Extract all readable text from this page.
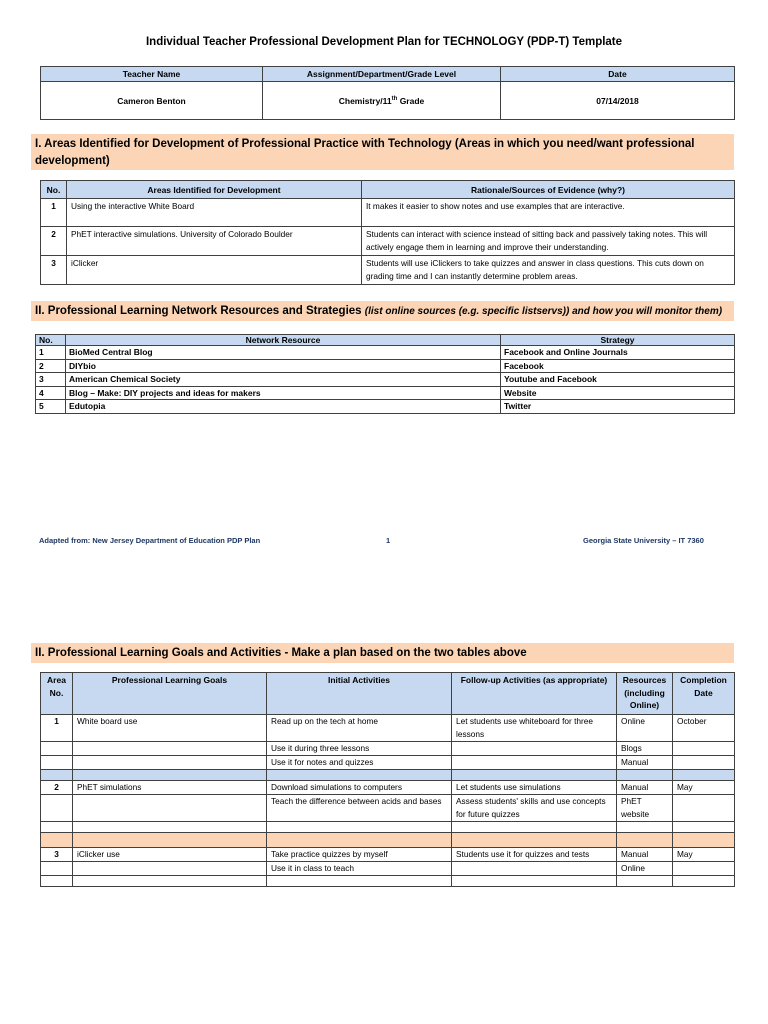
Individual Teacher Professional Development Plan for TECHNOLOGY (PDP-T) Template
Teacher Name	Assignment/Department/Grade Level	Date
Cameron Benton	Chemistry/11th Grade	07/14/2018
I. Areas Identified for Development of Professional Practice with Technology (Areas in which you need/want professional development)
No.	Areas Identified for Development	Rationale/Sources of Evidence (why?)
1	Using the interactive White Board	It makes it easier to show notes and use examples that are interactive.
2	PhET interactive simulations. University of Colorado Boulder	Students can interact with science instead of sitting back and passively taking notes. This will actively engage them in learning and improve their understanding.
3	iClicker	Students will use iClickers to take quizzes and answer in class questions. This cuts down on grading time and I can instantly determine problem areas.
II. Professional Learning Network Resources and Strategies (list online sources (e.g. specific listservs)) and how you will monitor them)
No.	Network Resource	Strategy
1	BioMed Central Blog	Facebook and Online Journals
2	DIYbio	Facebook
3	American Chemical Society	Youtube and Facebook
4	Blog – Make: DIY projects and ideas for makers	Website
5	Edutopia	Twitter
Adapted from: New Jersey Department of Education PDP Plan	1	Georgia State University – IT 7360
II. Professional Learning Goals and Activities - Make a plan based on the two tables above
Area No.	Professional Learning Goals	Initial Activities	Follow-up Activities (as appropriate)	Resources (including Online)	Completion Date
1	White board use	Read up on the tech at home	Let students use whiteboard for three lessons	Online	October
		Use it during three lessons		Blogs	
		Use it for notes and quizzes		Manual	

2	PhET simulations	Download simulations to computers	Let students use simulations	Manual	May
		Teach the difference between acids and bases	Assess students' skills and use concepts for future quizzes	PhET website	

3	iClicker use	Take practice quizzes by myself	Students use it for quizzes and tests	Manual	May
		Use it in class to teach		Online	
